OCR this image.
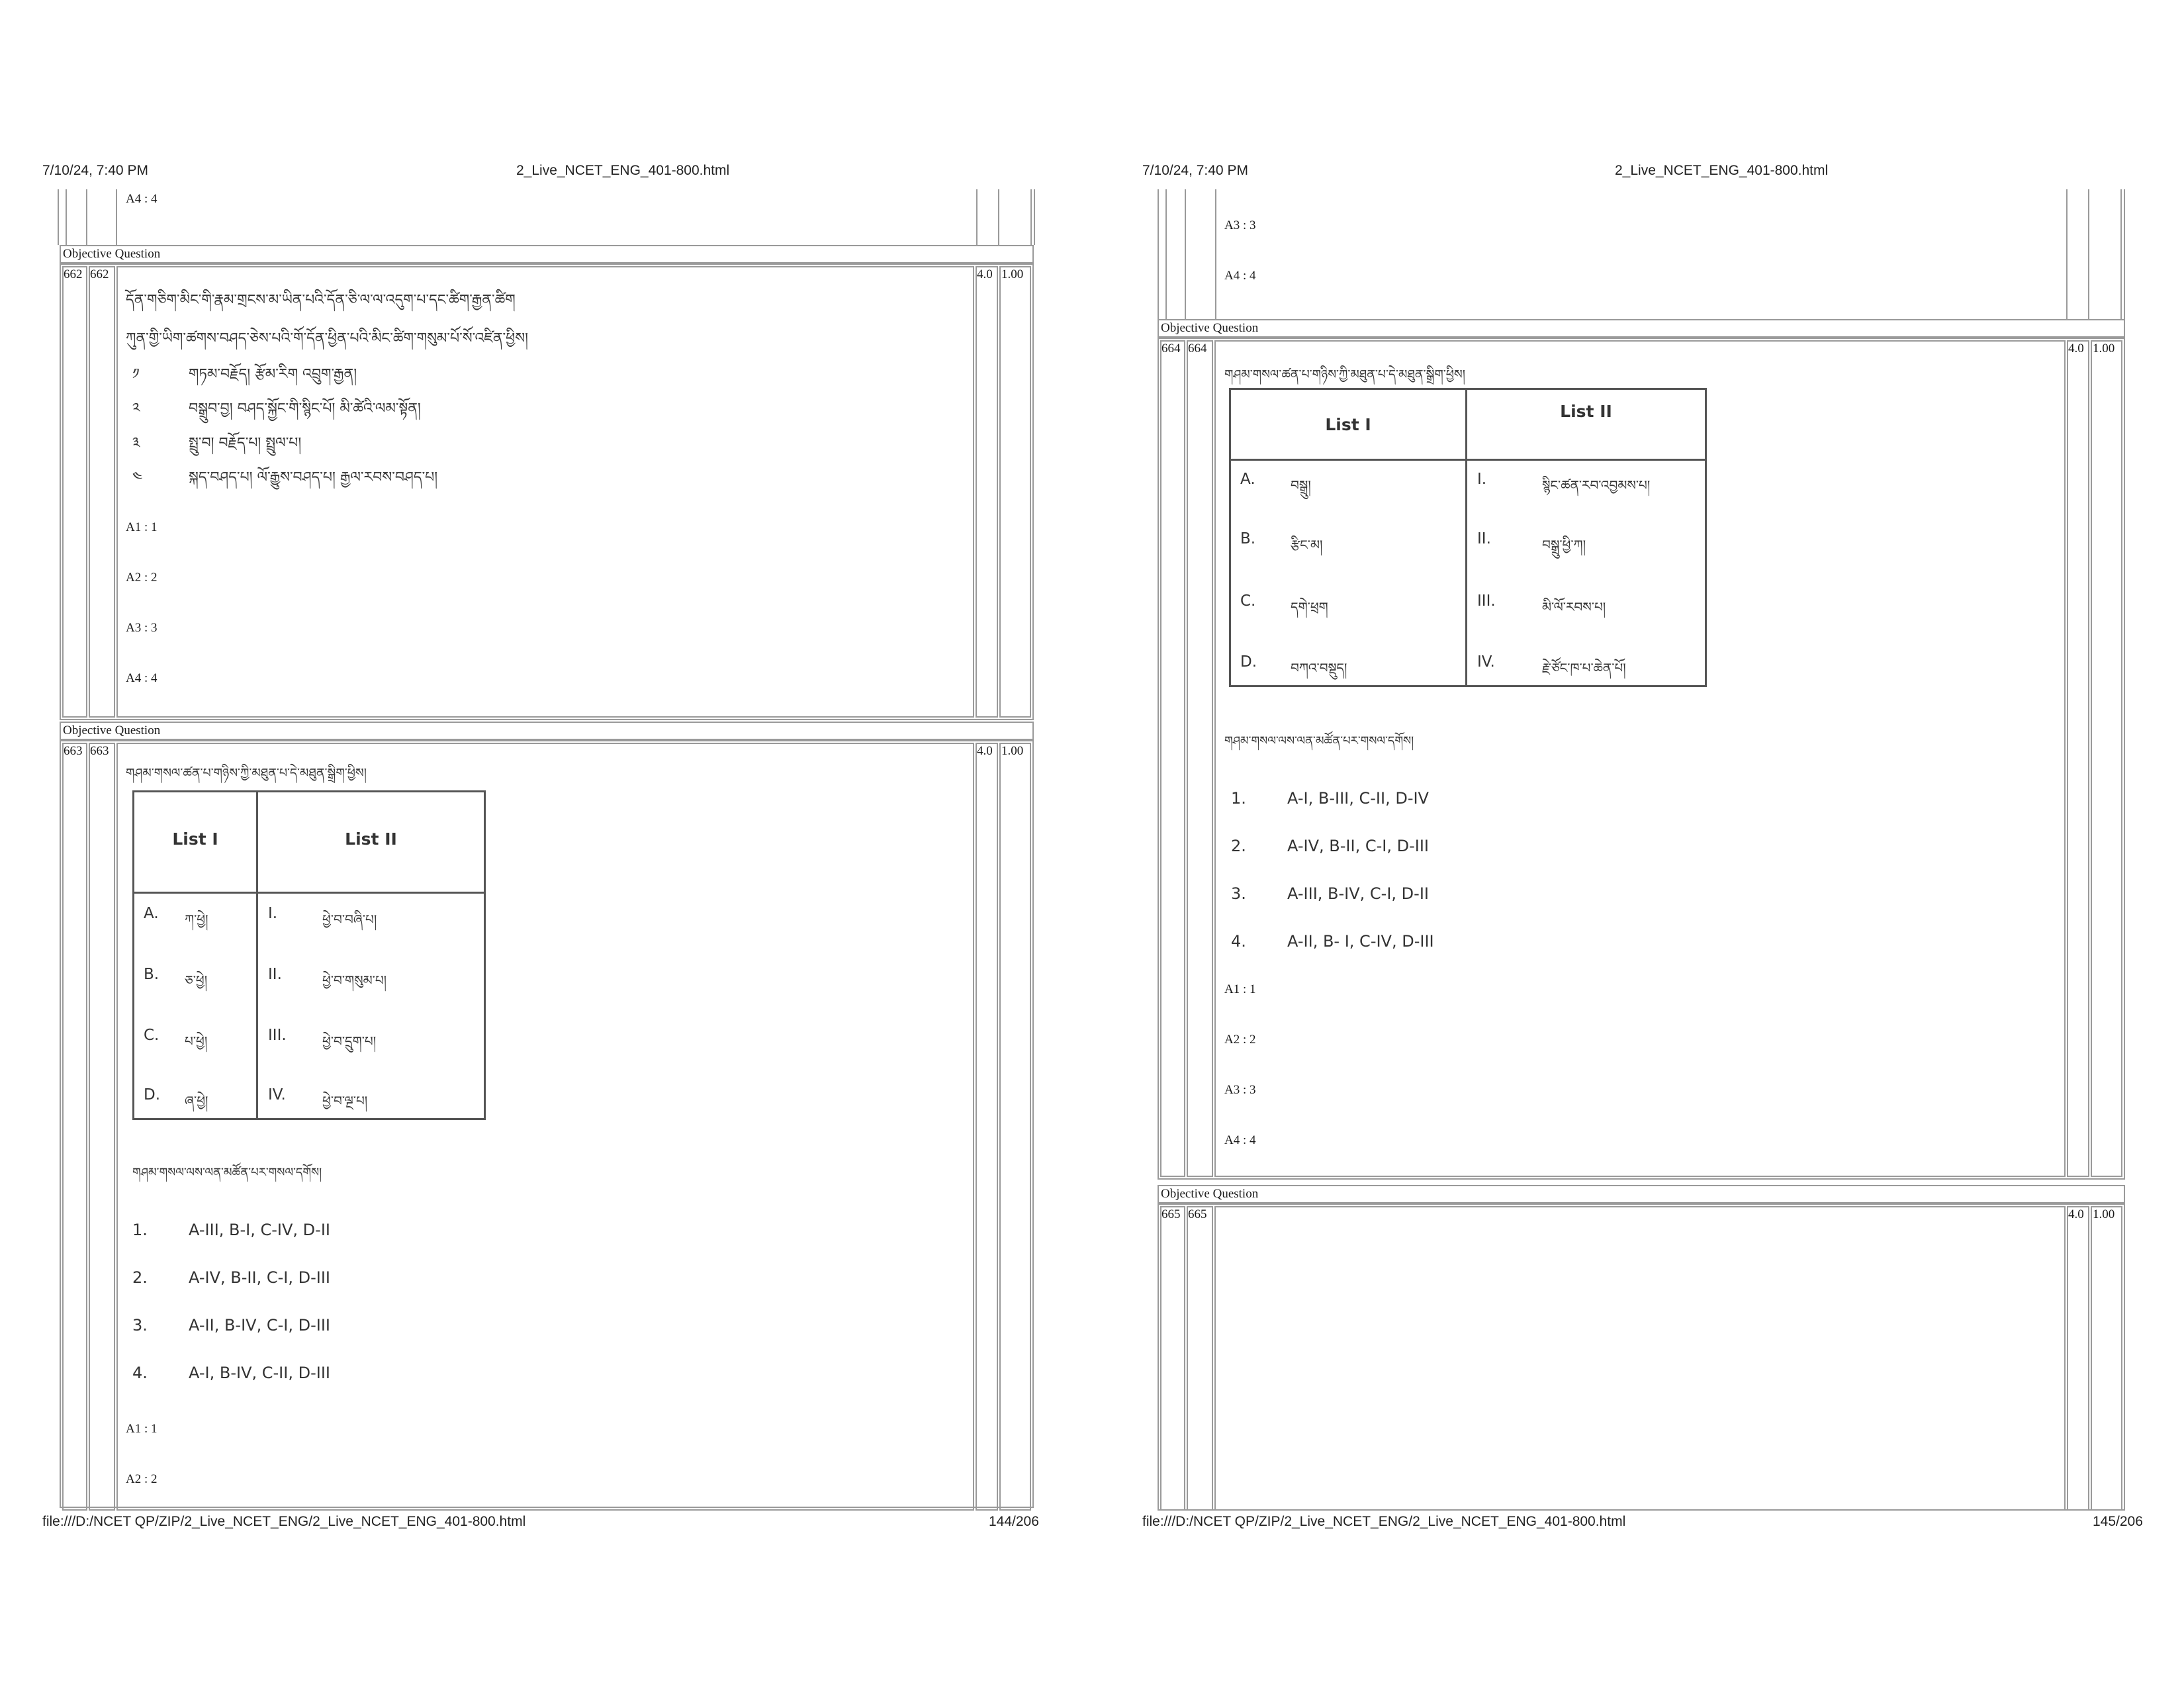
7/10/24, 7:40 PM	2_Live_NCET_ENG_401-800.html
A4 : 4
Objective Question
662 662	4.0 1.00
དོན་གཅིག་མིང་གི་རྣམ་གྲངས་མ་ཡིན་པའི་དོན་ཅི་ལ་ལ་འདུག་པ་དང་ཚིག་རྒྱན་ཚིག
ཀུན་གྱི་ཡིག་ཚགས་བཤད་ཅེས་པའི་གོ་དོན་ཕྱིན་པའི་མིང་ཚིག་གསུམ་པོ་སོ་འཛིན་ཕྱིས།
༡	གཏམ་བརྗོད། རྩོམ་རིག འབྲུག་རྒྱན།
༢	བསྒྲུབ་བྱ། བཤད་སྐྱོང་གི་སྙིང་པོ། མི་ཚེའི་ལམ་སྟོན།
༣	སྤྲུ་བ། བརྗོད་པ། སྤྲུལ་པ།
༤	སྐད་བཤད་པ། ལོ་རྒྱུས་བཤད་པ། རྒྱལ་རབས་བཤད་པ།
A1 : 1
A2 : 2
A3 : 3
A4 : 4
Objective Question
663 663	4.0 1.00
གཤམ་གསལ་ཚན་པ་གཉིས་ཀྱི་མཐུན་པ་དེ་མཐུན་སྒྲིག་ཕྱིས།
List I	List II
A. ཀ་ཕྱེ།	I.	ཕྱེ་བ་བཞི་པ།
B. ཅ་ཕྱེ།	II.	ཕྱེ་བ་གསུམ་པ།
C. པ་ཕྱེ།	III.	ཕྱེ་བ་དྲུག་པ།
D. ཞ་ཕྱེ།	IV.	ཕྱེ་བ་ལྔ་པ།
གཤམ་གསལ་ལས་ལན་མཚོན་པར་གསལ་དགོས།
1.	A-III, B-I, C-IV, D-II
2.	A-IV, B-II, C-I, D-III
3.	A-II, B-IV, C-I, D-III
4.	A-I, B-IV, C-II, D-III
A1 : 1
A2 : 2
file:///D:/NCET QP/ZIP/2_Live_NCET_ENG/2_Live_NCET_ENG_401-800.html	144/206
7/10/24, 7:40 PM	2_Live_NCET_ENG_401-800.html
A3 : 3
A4 : 4
Objective Question
664 664	4.0 1.00
གཤམ་གསལ་ཚན་པ་གཉིས་ཀྱི་མཐུན་པ་དེ་མཐུན་སྒྲིག་ཕྱིས།
List I
List II
A.	བསྒྲུ།	I.	སྙིང་ཚན་རབ་འབྱམས་པ།
B.	རྩིང་མ།	II.	བསྒྲུ་ཕྱི་ཀ།
C.	དགེ་ཕྲག	III.	མི་ལོ་རབས་པ།
D.	བཀའ་བསྡུད།	IV.	རྗེ་ཙོང་ཁ་པ་ཆེན་པོ།
གཤམ་གསལ་ལས་ལན་མཚོན་པར་གསལ་དགོས།
1.	A-I, B-III, C-II, D-IV
2.	A-IV, B-II, C-I, D-III
3.	A-III, B-IV, C-I, D-II
4.	A-II, B- I, C-IV, D-III
A1 : 1
A2 : 2
A3 : 3
A4 : 4
Objective Question
665 665	4.0 1.00
file:///D:/NCET QP/ZIP/2_Live_NCET_ENG/2_Live_NCET_ENG_401-800.html	145/206
